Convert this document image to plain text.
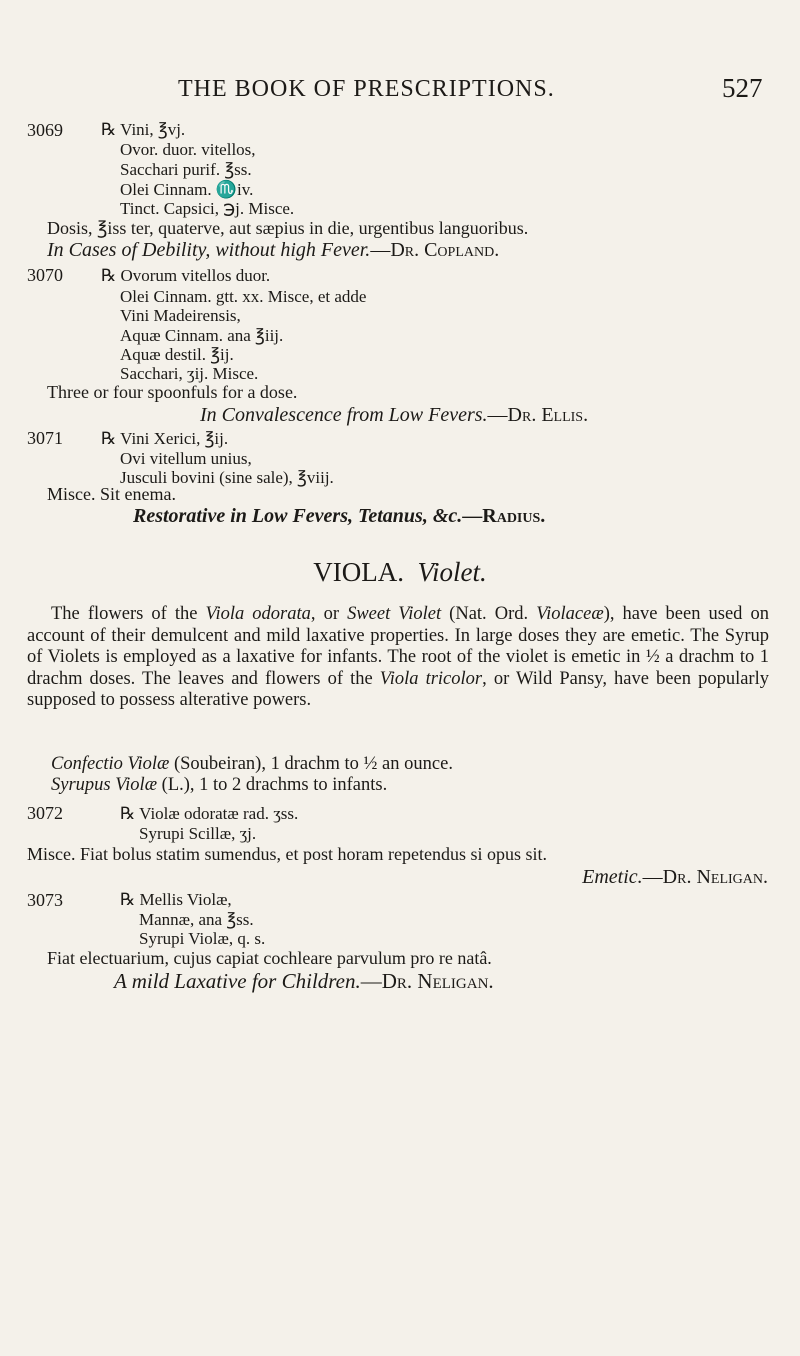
THE BOOK OF PRESCRIPTIONS.	527
3069 ℞ Vini, ℥vj.
Ovor. duor. vitellos,
Sacchari purif. ℥ss.
Olei Cinnam. ♏iv.
Tinct. Capsici, ℈j. Misce.
Dosis, ℥iss ter, quaterve, aut sæpius in die, urgentibus languoribus.
In Cases of Debility, without high Fever.—Dr. Copland.
3070 ℞ Ovorum vitellos duor.
Olei Cinnam. gtt. xx. Misce, et adde
Vini Madeirensis,
Aquæ Cinnam. ana ℥iij.
Aquæ destil. ℥ij.
Sacchari, ʒij. Misce.
Three or four spoonfuls for a dose.
In Convalescence from Low Fevers.—Dr. Ellis.
3071 ℞ Vini Xerici, ℥ij.
Ovi vitellum unius,
Jusculi bovini (sine sale), ℥viij.
Misce. Sit enema.
Restorative in Low Fevers, Tetanus, &c.—Radius.
VIOLA. Violet.
The flowers of the Viola odorata, or Sweet Violet (Nat. Ord. Violaceæ), have been used on account of their demulcent and mild laxative properties. In large doses they are emetic. The Syrup of Violets is employed as a laxative for infants. The root of the violet is emetic in ½ a drachm to 1 drachm doses. The leaves and flowers of the Viola tricolor, or Wild Pansy, have been popularly supposed to possess alterative powers.
Confectio Violæ (Soubeiran), 1 drachm to ½ an ounce.
Syrupus Violæ (L.), 1 to 2 drachms to infants.
3072	℞ Violæ odoratæ rad. ʒss.
Syrupi Scillæ, ʒj.
Misce. Fiat bolus statim sumendus, et post horam repetendus si opus sit.
Emetic.—Dr. Neligan.
3073	℞ Mellis Violæ,
Mannæ, ana ℥ss.
Syrupi Violæ, q. s.
Fiat electuarium, cujus capiat cochleare parvulum pro re natâ.
A mild Laxative for Children.—Dr. Neligan.
